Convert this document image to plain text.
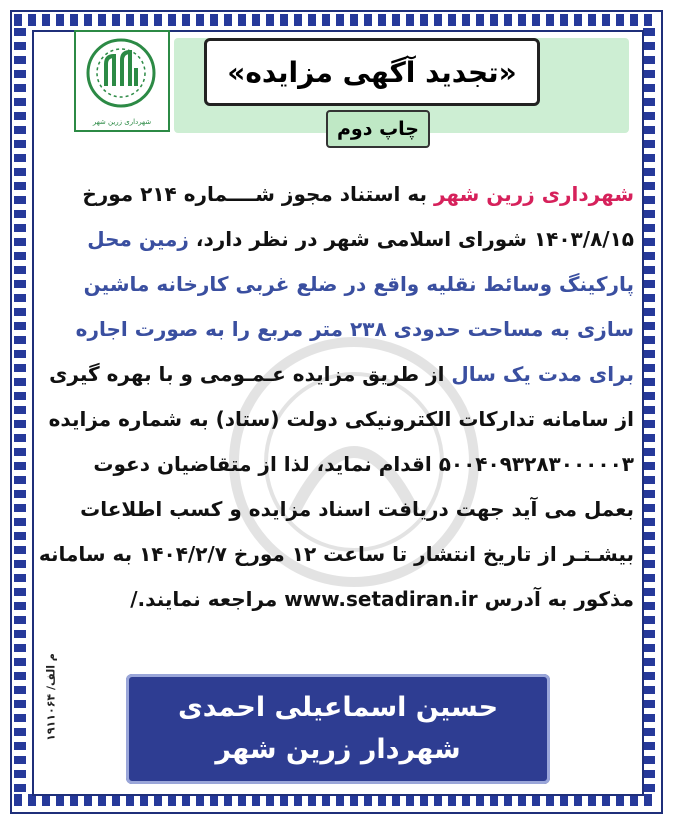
شهرداری زرین شهر
«تجدید آگهی مزایده»
چاپ دوم
شهرداری زرین شهر به استناد مجوز شــــماره ۲۱۴ مورخ
۱۴۰۳/۸/۱۵ شورای اسلامی شهر در نظر دارد، زمین محل
پارکینگ وسائط نقلیه واقع در ضلع غربی کارخانه ماشین
سازی به مساحت حدودی ۲۳۸ متر مربع را به صورت اجاره
برای مدت یک سال از طریق مزایده عـمـومی و با بهره گیری
از سامانه تدارکات الکترونیکی دولت (ستاد) به شماره مزایده
۵۰۰۴۰۹۳۲۸۳۰۰۰۰۰۳ اقدام نماید، لذا از متقاضیان دعوت
بعمل می آید جهت دریافت اسناد مزایده و کسب اطلاعات
بیشـتـر از تاریخ انتشار تا ساعت ۱۲ مورخ ۱۴۰۴/۲/۷ به سامانه
مذکور به آدرس www.setadiran.ir مراجعه نمایند./
م الف/ ۱۹۱۱۰۶۴
حسین اسماعیلی احمدی
شهردار زرین شهر
